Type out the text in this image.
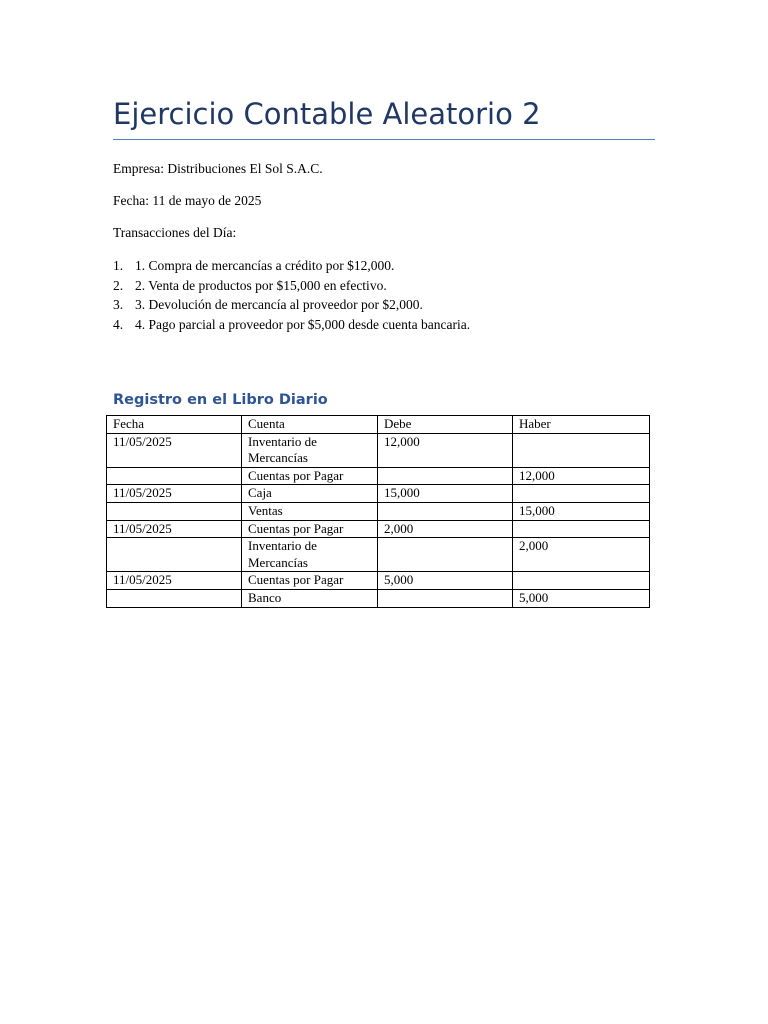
Ejercicio Contable Aleatorio 2
Empresa: Distribuciones El Sol S.A.C.
Fecha: 11 de mayo de 2025
Transacciones del Día:
1. 1. Compra de mercancías a crédito por $12,000.
2. 2. Venta de productos por $15,000 en efectivo.
3. 3. Devolución de mercancía al proveedor por $2,000.
4. 4. Pago parcial a proveedor por $5,000 desde cuenta bancaria.
Registro en el Libro Diario
Fecha	Cuenta	Debe	Haber
11/05/2025	Inventario de Mercancías	12,000	
	Cuentas por Pagar		12,000
11/05/2025	Caja	15,000	
	Ventas		15,000
11/05/2025	Cuentas por Pagar	2,000	
	Inventario de Mercancías		2,000
11/05/2025	Cuentas por Pagar	5,000	
	Banco		5,000
